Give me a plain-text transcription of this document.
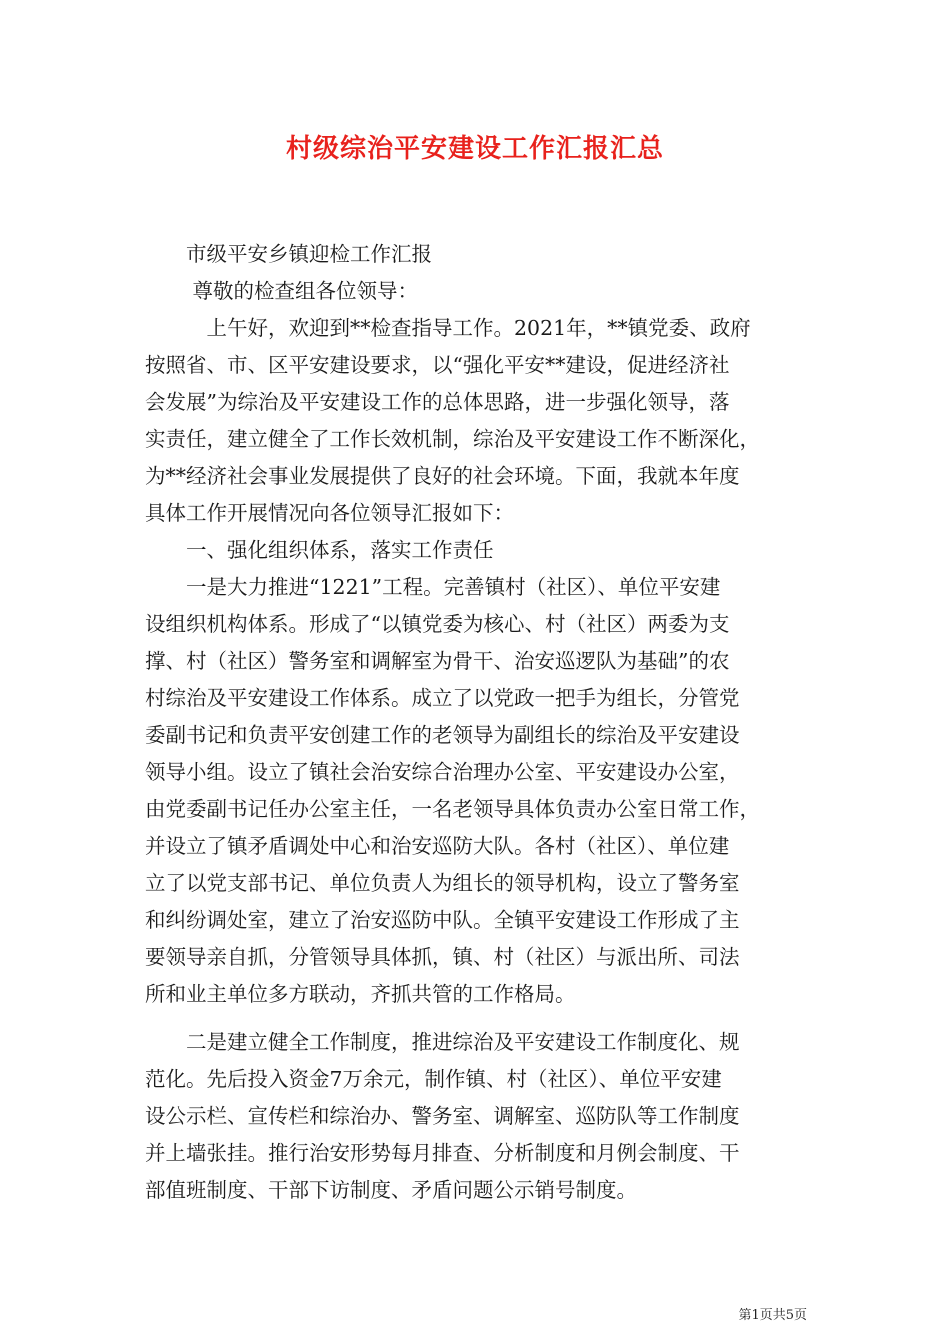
村级综治平安建设工作汇报汇总
　　市级平安乡镇迎检工作汇报
　　 尊敬的检查组各位领导：
　　　上午好，欢迎到**检查指导工作。2021年，**镇党委、政府
按照省、市、区平安建设要求，以“强化平安**建设，促进经济社
会发展”为综治及平安建设工作的总体思路，进一步强化领导，落
实责任，建立健全了工作长效机制，综治及平安建设工作不断深化，
为**经济社会事业发展提供了良好的社会环境。下面，我就本年度
具体工作开展情况向各位领导汇报如下：
　　一、强化组织体系，落实工作责任
　　一是大力推进“1221”工程。完善镇村（社区）、单位平安建
设组织机构体系。形成了“以镇党委为核心、村（社区）两委为支
撑、村（社区）警务室和调解室为骨干、治安巡逻队为基础”的农
村综治及平安建设工作体系。成立了以党政一把手为组长，分管党
委副书记和负责平安创建工作的老领导为副组长的综治及平安建设
领导小组。设立了镇社会治安综合治理办公室、平安建设办公室，
由党委副书记任办公室主任，一名老领导具体负责办公室日常工作，
并设立了镇矛盾调处中心和治安巡防大队。各村（社区）、单位建
立了以党支部书记、单位负责人为组长的领导机构，设立了警务室
和纠纷调处室，建立了治安巡防中队。全镇平安建设工作形成了主
要领导亲自抓，分管领导具体抓，镇、村（社区）与派出所、司法
所和业主单位多方联动，齐抓共管的工作格局。
　　二是建立健全工作制度，推进综治及平安建设工作制度化、规
范化。先后投入资金7万余元，制作镇、村（社区）、单位平安建
设公示栏、宣传栏和综治办、警务室、调解室、巡防队等工作制度
并上墙张挂。推行治安形势每月排查、分析制度和月例会制度、干
部值班制度、干部下访制度、矛盾问题公示销号制度。
第1页共5页
